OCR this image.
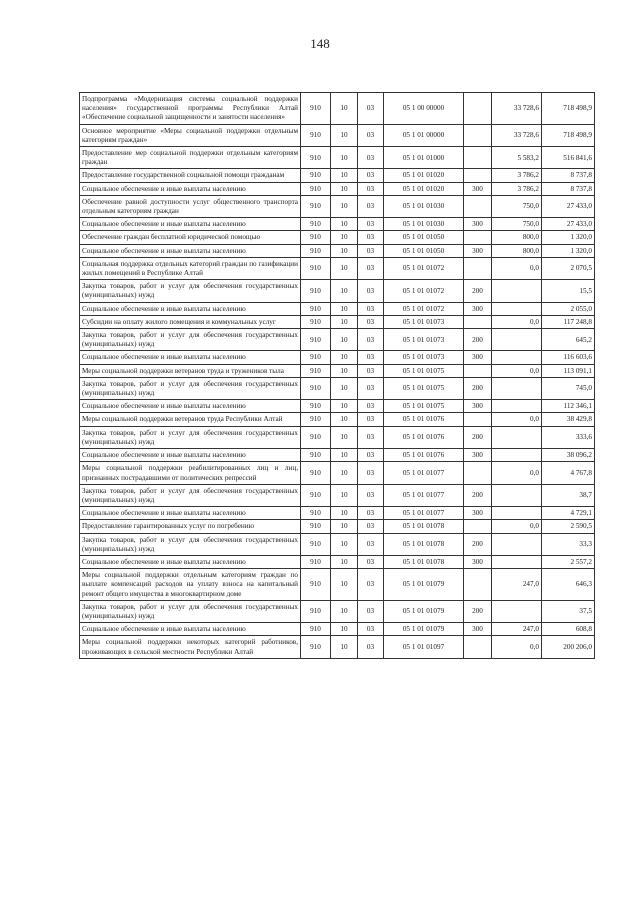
148
Подпрограмма «Модернизация системы социальной поддержки населения» государственной программы Республики Алтай «Обеспечение социальной защищенности и занятости населения»	910	10	03	05 1 00 00000		33 728,6	718 498,9
Основное мероприятие «Меры социальной поддержки отдельным категориям граждан»	910	10	03	05 1 01 00000		33 728,6	718 498,9
Предоставление мер социальной поддержки отдельным категориям граждан	910	10	03	05 1 01 01000		5 583,2	516 841,6
Предоставление государственной социальной помощи гражданам	910	10	03	05 1 01 01020		3 786,2	8 737,8
Социальное обеспечение и иные выплаты населению	910	10	03	05 1 01 01020	300	3 786,2	8 737,8
Обеспечение равной доступности услуг общественного транспорта отдельным категориям граждан	910	10	03	05 1 01 01030		750,0	27 433,0
Социальное обеспечение и иные выплаты населению	910	10	03	05 1 01 01030	300	750,0	27 433,0
Обеспечение граждан бесплатной юридической помощью	910	10	03	05 1 01 01050		800,0	1 320,0
Социальное обеспечение и иные выплаты населению	910	10	03	05 1 01 01050	300	800,0	1 320,0
Социальная поддержка отдельных категорий граждан по газификации жилых помещений в Республике Алтай	910	10	03	05 1 01 01072		0,0	2 070,5
Закупка товаров, работ и услуг для обеспечения государственных (муниципальных) нужд	910	10	03	05 1 01 01072	200		15,5
Социальное обеспечение и иные выплаты населению	910	10	03	05 1 01 01072	300		2 055,0
Субсидии на оплату жилого помещения и коммунальных услуг	910	10	03	05 1 01 01073		0,0	117 248,8
Закупка товаров, работ и услуг для обеспечения государственных (муниципальных) нужд	910	10	03	05 1 01 01073	200		645,2
Социальное обеспечение и иные выплаты населению	910	10	03	05 1 01 01073	300		116 603,6
Меры социальной поддержки ветеранов труда и тружеников тыла	910	10	03	05 1 01 01075		0,0	113 091,1
Закупка товаров, работ и услуг для обеспечения государственных (муниципальных) нужд	910	10	03	05 1 01 01075	200		745,0
Социальное обеспечение и иные выплаты населению	910	10	03	05 1 01 01075	300		112 346,1
Меры социальной поддержки ветеранов труда Республики Алтай	910	10	03	05 1 01 01076		0,0	38 429,8
Закупка товаров, работ и услуг для обеспечения государственных (муниципальных) нужд	910	10	03	05 1 01 01076	200		333,6
Социальное обеспечение и иные выплаты населению	910	10	03	05 1 01 01076	300		38 096,2
Меры социальной поддержки реабилитированных лиц и лиц, признанных пострадавшими от политических репрессий	910	10	03	05 1 01 01077		0,0	4 767,8
Закупка товаров, работ и услуг для обеспечения государственных (муниципальных) нужд	910	10	03	05 1 01 01077	200		38,7
Социальное обеспечение и иные выплаты населению	910	10	03	05 1 01 01077	300		4 729,1
Предоставление гарантированных услуг по погребению	910	10	03	05 1 01 01078		0,0	2 590,5
Закупка товаров, работ и услуг для обеспечения государственных (муниципальных) нужд	910	10	03	05 1 01 01078	200		33,3
Социальное обеспечение и иные выплаты населению	910	10	03	05 1 01 01078	300		2 557,2
Меры социальной поддержки отдельным категориям граждан по выплате компенсаций расходов на уплату взноса на капитальный ремонт общего имущества в многоквартирном доме	910	10	03	05 1 01 01079		247,0	646,3
Закупка товаров, работ и услуг для обеспечения государственных (муниципальных) нужд	910	10	03	05 1 01 01079	200		37,5
Социальное обеспечение и иные выплаты населению	910	10	03	05 1 01 01079	300	247,0	608,8
Меры социальной поддержки некоторых категорий работников, проживающих в сельской местности Республики Алтай	910	10	03	05 1 01 01097		0,0	200 206,0
